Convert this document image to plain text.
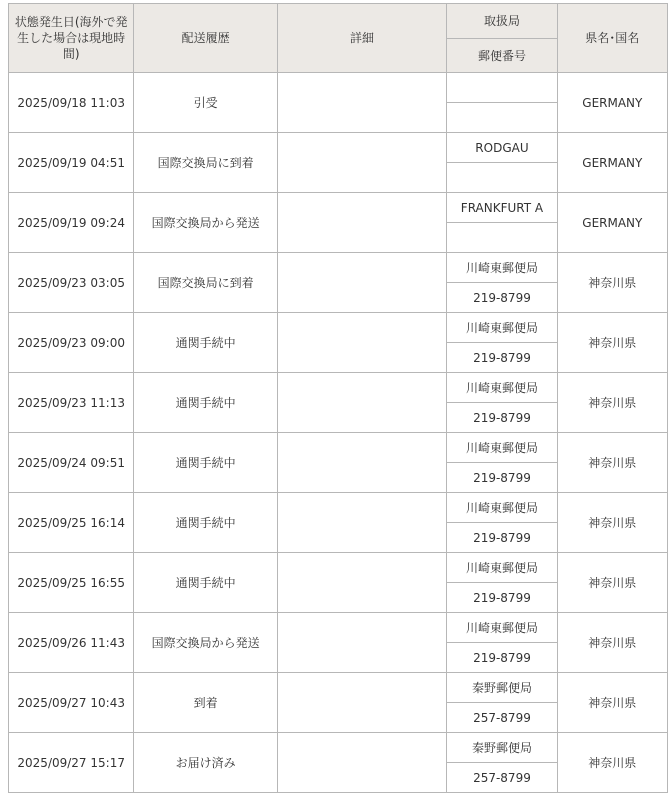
状態発生日(海外で発生した場合は現地時間)	配送履歴	詳細	取扱局	県名･国名
			郵便番号	
2025/09/18 11:03	引受			GERMANY

2025/09/19 04:51	国際交換局に到着		RODGAU	GERMANY

2025/09/19 09:24	国際交換局から発送		FRANKFURT A	GERMANY

2025/09/23 03:05	国際交換局に到着		川崎東郵便局	神奈川県
			219-8799	
2025/09/23 09:00	通関手続中		川崎東郵便局	神奈川県
			219-8799	
2025/09/23 11:13	通関手続中		川崎東郵便局	神奈川県
			219-8799	
2025/09/24 09:51	通関手続中		川崎東郵便局	神奈川県
			219-8799	
2025/09/25 16:14	通関手続中		川崎東郵便局	神奈川県
			219-8799	
2025/09/25 16:55	通関手続中		川崎東郵便局	神奈川県
			219-8799	
2025/09/26 11:43	国際交換局から発送		川崎東郵便局	神奈川県
			219-8799	
2025/09/27 10:43	到着		秦野郵便局	神奈川県
			257-8799	
2025/09/27 15:17	お届け済み		秦野郵便局	神奈川県
			257-8799	
